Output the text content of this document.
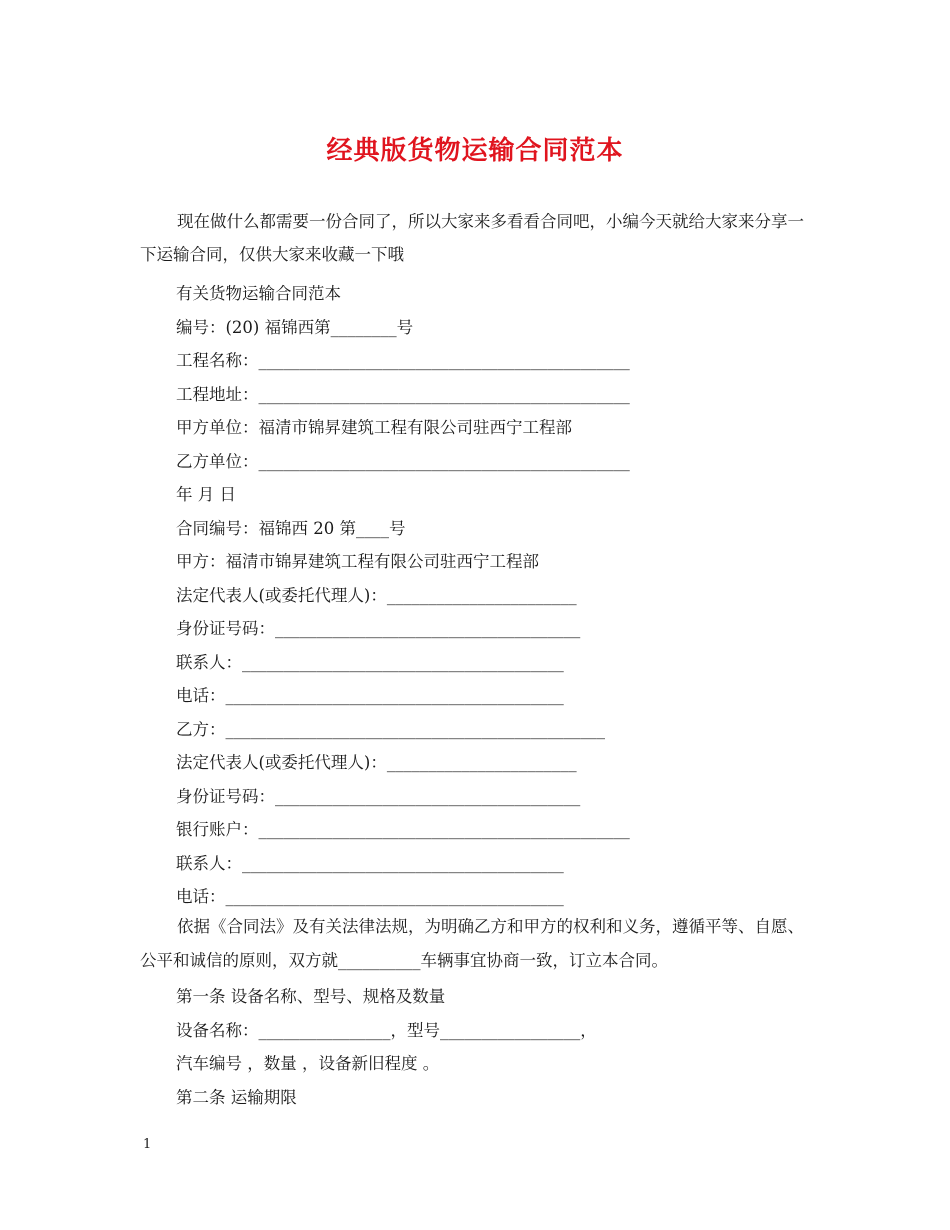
经典版货物运输合同范本
现在做什么都需要一份合同了，所以大家来多看看合同吧，小编今天就给大家来分享一下运输合同，仅供大家来收藏一下哦
有关货物运输合同范本
编号：(20) 福锦西第________号
工程名称：_____________________________________________
工程地址：_____________________________________________
甲方单位：福清市锦昇建筑工程有限公司驻西宁工程部
乙方单位：_____________________________________________
年 月 日
合同编号：福锦西 20 第____号
甲方：福清市锦昇建筑工程有限公司驻西宁工程部
法定代表人(或委托代理人)：_______________________
身份证号码：_____________________________________
联系人：_______________________________________
电话：_________________________________________
乙方：______________________________________________
法定代表人(或委托代理人)：_______________________
身份证号码：_____________________________________
银行账户：_____________________________________________
联系人：_______________________________________
电话：_________________________________________
依据《合同法》及有关法律法规，为明确乙方和甲方的权利和义务，遵循平等、自愿、公平和诚信的原则，双方就__________车辆事宜协商一致，订立本合同。
第一条 设备名称、型号、规格及数量
设备名称：________________，型号_________________，
汽车编号 ，数量 ，设备新旧程度 。
第二条 运输期限
1
